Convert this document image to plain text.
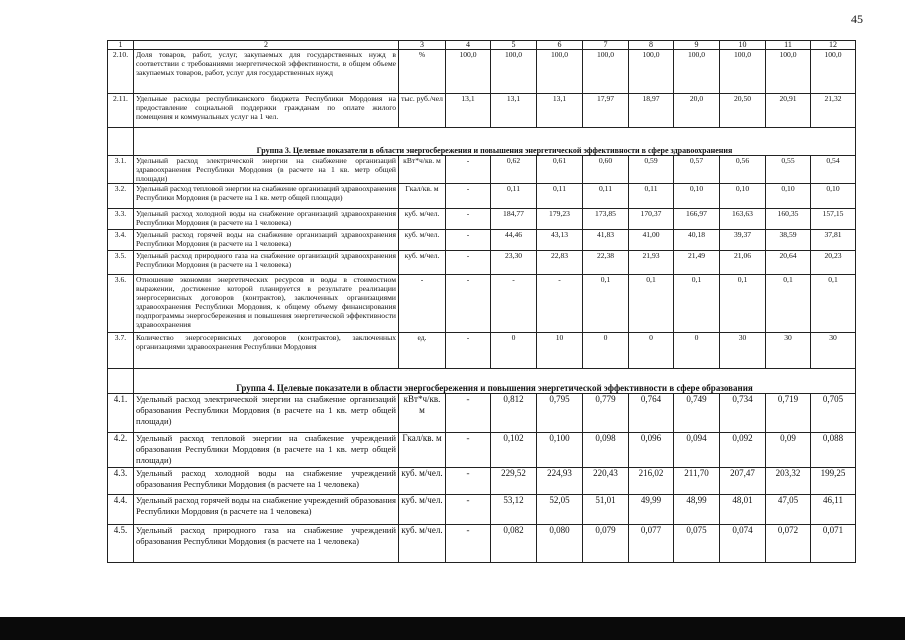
45
1	2	3	4	5	6	7	8	9	10	11	12
2.10.	Доля товаров, работ, услуг, закупаемых для государственных нужд в соответствии с требованиями энергетической эффективности, в общем объеме закупаемых товаров, работ, услуг для государственных нужд	%	100,0	100,0	100,0	100,0	100,0	100,0	100,0	100,0	100,0
2.11.	Удельные расходы республиканского бюджета Республики Мордовия на предоставление социальной поддержки гражданам по оплате жилого помещения и коммунальных услуг на 1 чел.	тыс. руб./чел	13,1	13,1	13,1	17,97	18,97	20,0	20,50	20,91	21,32
	Группа 3. Целевые показатели в области энергосбережения и повышения энергетической эффективности в сфере здравоохранения										
3.1.	Удельный расход электрической энергии на снабжение организаций здравоохранения Республики Мордовия (в расчете на 1 кв. метр общей площади)	кВт*ч/кв. м	-	0,62	0,61	0,60	0,59	0,57	0,56	0,55	0,54
3.2.	Удельный расход тепловой энергии на снабжение организаций здравоохранения Республики Мордовия (в расчете на 1 кв. метр общей площади)	Гкал/кв. м	-	0,11	0,11	0,11	0,11	0,10	0,10	0,10	0,10
3.3.	Удельный расход холодной воды на снабжение организаций здравоохранения Республики Мордовия (в расчете на 1 человека)	куб. м/чел.	-	184,77	179,23	173,85	170,37	166,97	163,63	160,35	157,15
3.4.	Удельный расход горячей воды на снабжение организаций здравоохранения Республики Мордовия (в расчете на 1 человека)	куб. м/чел.	-	44,46	43,13	41,83	41,00	40,18	39,37	38,59	37,81
3.5.	Удельный расход природного газа на снабжение организаций здравоохранения Республики Мордовия (в расчете на 1 человека)	куб. м/чел.	-	23,30	22,83	22,38	21,93	21,49	21,06	20,64	20,23
3.6.	Отношение экономии энергетических ресурсов и воды в стоимостном выражении, достижение которой планируется в результате реализации энергосервисных договоров (контрактов), заключенных организациями здравоохранения Республики Мордовия, к общему объему финансирования подпрограммы энергосбережения и повышения энергетической эффективности здравоохранения	-	-	-	-	0,1	0,1	0,1	0,1	0,1	0,1
3.7.	Количество энергосервисных договоров (контрактов), заключенных организациями здравоохранения Республики Мордовия	ед.	-	0	10	0	0	0	30	30	30
	Группа 4. Целевые показатели в области энергосбережения и повышения энергетической эффективности в сфере образования										
4.1.	Удельный расход электрической энергии на снабжение организаций образования Республики Мордовия (в расчете на 1 кв. метр общей площади)	кВт*ч/кв. м	-	0,812	0,795	0,779	0,764	0,749	0,734	0,719	0,705
4.2.	Удельный расход тепловой энергии на снабжение учреждений образования Республики Мордовия (в расчете на 1 кв. метр общей площади)	Гкал/кв. м	-	0,102	0,100	0,098	0,096	0,094	0,092	0,09	0,088
4.3.	Удельный расход холодной воды на снабжение учреждений образования Республики Мордовия (в расчете на 1 человека)	куб. м/чел.	-	229,52	224,93	220,43	216,02	211,70	207,47	203,32	199,25
4.4.	Удельный расход горячей воды на снабжение учреждений образования Республики Мордовия (в расчете на 1 человека)	куб. м/чел.	-	53,12	52,05	51,01	49,99	48,99	48,01	47,05	46,11
4.5.	Удельный расход природного газа на снабжение учреждений образования Республики Мордовия (в расчете на 1 человека)	куб. м/чел.	-	0,082	0,080	0,079	0,077	0,075	0,074	0,072	0,071
